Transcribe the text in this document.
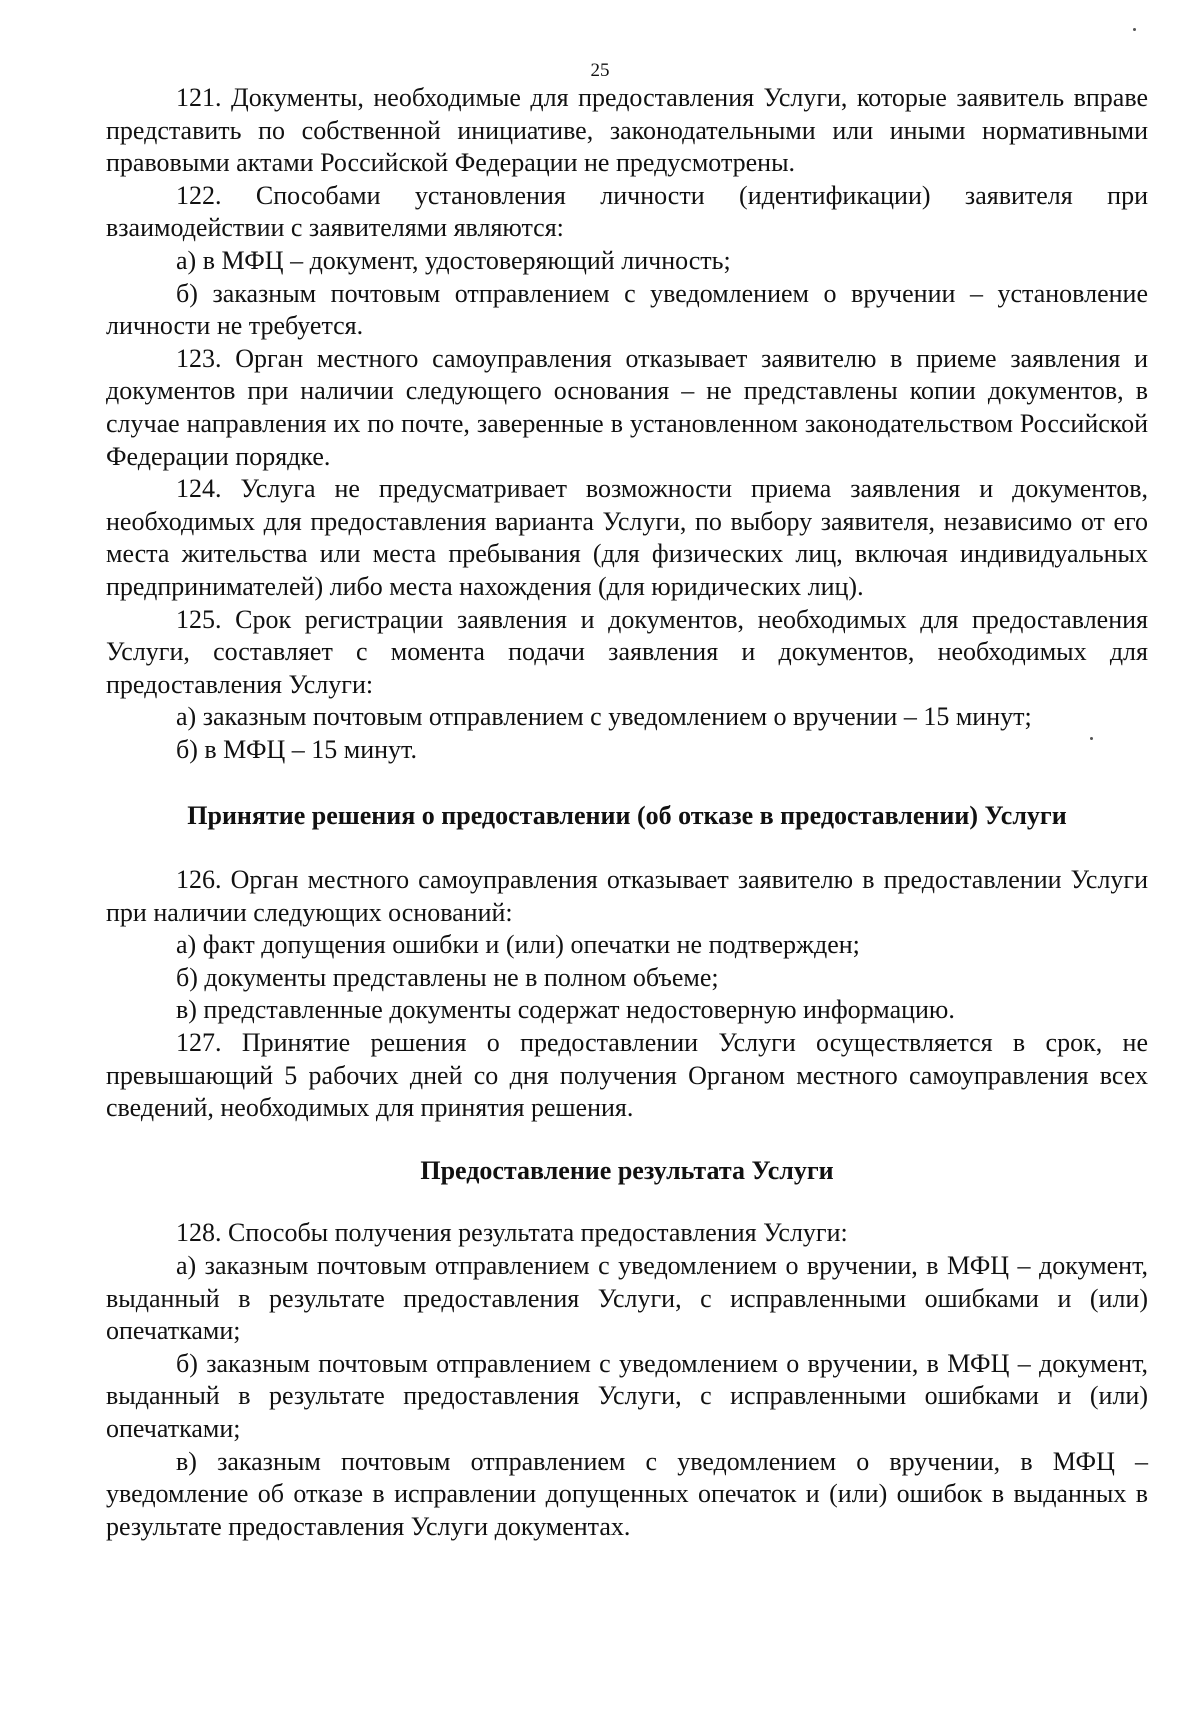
25

121. Документы, необходимые для предоставления Услуги, которые заявитель вправе представить по собственной инициативе, законодательными или иными нормативными правовыми актами Российской Федерации не предусмотрены.

122. Способами установления личности (идентификации) заявителя при взаимодействии с заявителями являются:

а) в МФЦ – документ, удостоверяющий личность;

б) заказным почтовым отправлением с уведомлением о вручении – установление личности не требуется.

123. Орган местного самоуправления отказывает заявителю в приеме заявления и документов при наличии следующего основания – не представлены копии документов, в случае направления их по почте, заверенные в установленном законодательством Российской Федерации порядке.

124. Услуга не предусматривает возможности приема заявления и документов, необходимых для предоставления варианта Услуги, по выбору заявителя, независимо от его места жительства или места пребывания (для физических лиц, включая индивидуальных предпринимателей) либо места нахождения (для юридических лиц).

125. Срок регистрации заявления и документов, необходимых для предоставления Услуги, составляет с момента подачи заявления и документов, необходимых для предоставления Услуги:

а) заказным почтовым отправлением с уведомлением о вручении – 15 минут;

б) в МФЦ – 15 минут.

Принятие решения о предоставлении (об отказе в предоставлении) Услуги

126. Орган местного самоуправления отказывает заявителю в предоставлении Услуги при наличии следующих оснований:

а) факт допущения ошибки и (или) опечатки не подтвержден;

б) документы представлены не в полном объеме;

в) представленные документы содержат недостоверную информацию.

127. Принятие решения о предоставлении Услуги осуществляется в срок, не превышающий 5 рабочих дней со дня получения Органом местного самоуправления всех сведений, необходимых для принятия решения.

Предоставление результата Услуги

128. Способы получения результата предоставления Услуги:

а) заказным почтовым отправлением с уведомлением о вручении, в МФЦ – документ, выданный в результате предоставления Услуги, с исправленными ошибками и (или) опечатками;

б) заказным почтовым отправлением с уведомлением о вручении, в МФЦ – документ, выданный в результате предоставления Услуги, с исправленными ошибками и (или) опечатками;

в) заказным почтовым отправлением с уведомлением о вручении, в МФЦ – уведомление об отказе в исправлении допущенных опечаток и (или) ошибок в выданных в результате предоставления Услуги документах.
